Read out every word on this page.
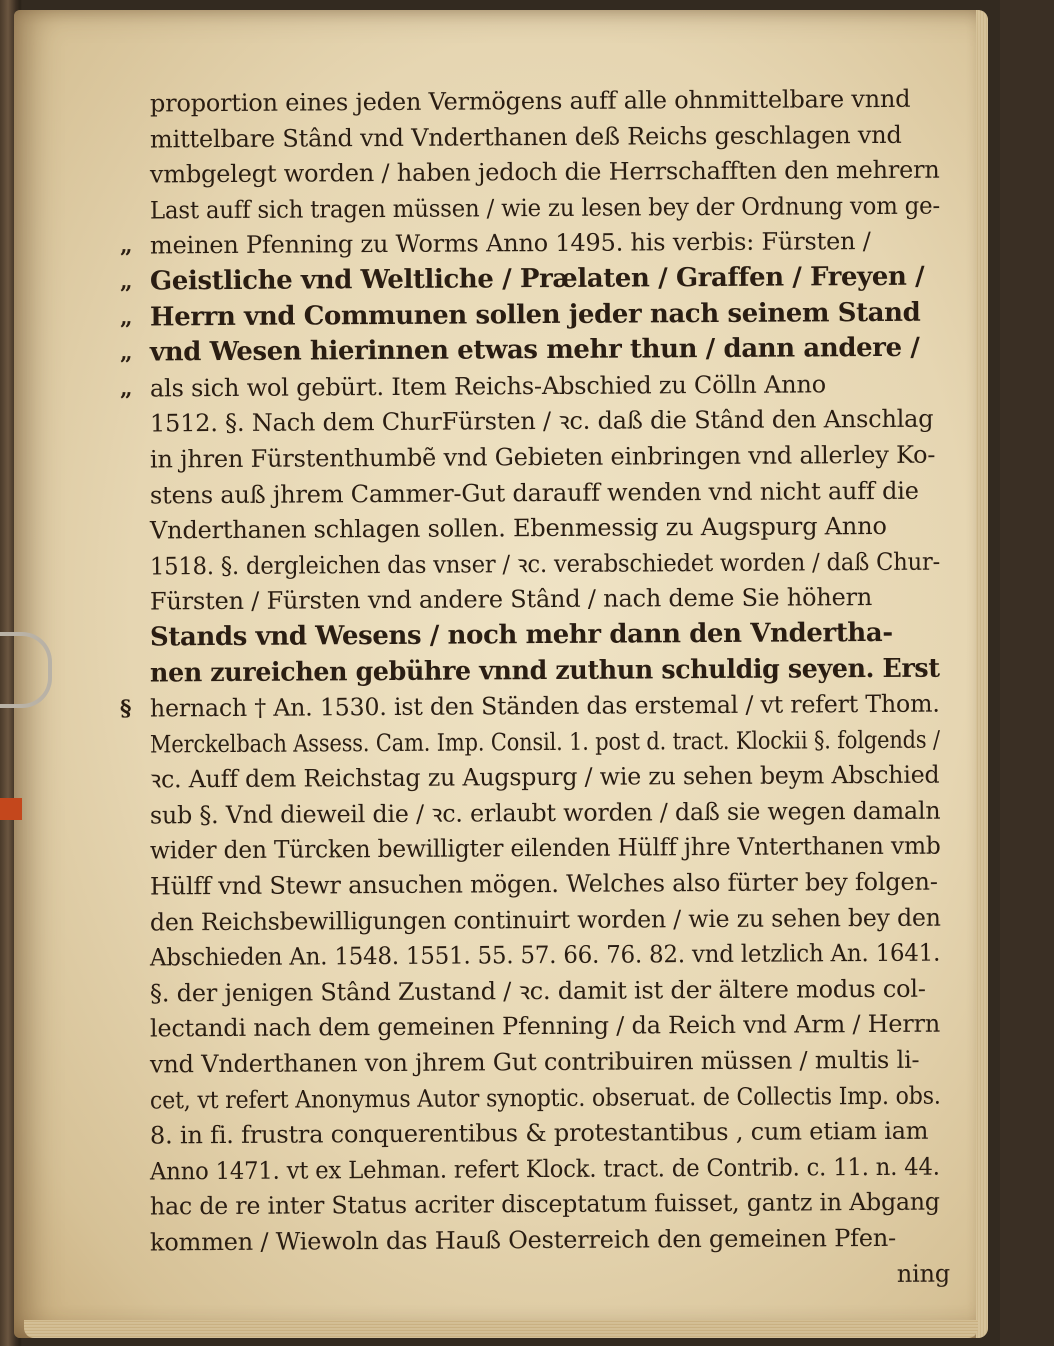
proportion eines jeden Vermögens auff alle ohnmittelbare vnnd
mittelbare Stând vnd Vnderthanen deß Reichs geschlagen vnd
vmbgelegt worden / haben jedoch die Herrschafften den mehrern
Last auff sich tragen müssen / wie zu lesen bey der Ordnung vom ge-
„ meinen Pfenning zu Worms Anno 1495. his verbis: Fürsten /
„ Geistliche vnd Weltliche / Prælaten / Graffen / Freyen /
„ Herrn vnd Communen sollen jeder nach seinem Stand
„ vnd Wesen hierinnen etwas mehr thun / dann andere /
„ als sich wol gebürt. Item Reichs-Abschied zu Cölln Anno
1512. §. Nach dem ChurFürsten / ꝛc. daß die Stând den Anschlag
in jhren Fürstenthumbẽ vnd Gebieten einbringen vnd allerley Ko-
stens auß jhrem Cammer-Gut darauff wenden vnd nicht auff die
Vnderthanen schlagen sollen. Ebenmessig zu Augspurg Anno
1518. §. dergleichen das vnser / ꝛc. verabschiedet worden / daß Chur-
Fürsten / Fürsten vnd andere Stând / nach deme Sie höhern
Stands vnd Wesens / noch mehr dann den Vndertha-
nen zureichen gebühre vnnd zuthun schuldig seyen. Erst
§ hernach † An. 1530. ist den Ständen das erstemal / vt refert Thom.
Merckelbach Assess. Cam. Imp. Consil. 1. post d. tract. Klockii §. folgends /
ꝛc. Auff dem Reichstag zu Augspurg / wie zu sehen beym Abschied
sub §. Vnd dieweil die / ꝛc. erlaubt worden / daß sie wegen damaln
wider den Türcken bewilligter eilenden Hülff jhre Vnterthanen vmb
Hülff vnd Stewr ansuchen mögen. Welches also fürter bey folgen-
den Reichsbewilligungen continuirt worden / wie zu sehen bey den
Abschieden An. 1548. 1551. 55. 57. 66. 76. 82. vnd letzlich An. 1641.
§. der jenigen Stând Zustand / ꝛc. damit ist der ältere modus col-
lectandi nach dem gemeinen Pfenning / da Reich vnd Arm / Herrn
vnd Vnderthanen von jhrem Gut contribuiren müssen / multis li-
cet, vt refert Anonymus Autor synoptic. obseruat. de Collectis Imp. obs.
8. in fi. frustra conquerentibus & protestantibus , cum etiam iam
Anno 1471. vt ex Lehman. refert Klock. tract. de Contrib. c. 11. n. 44.
hac de re inter Status acriter disceptatum fuisset, gantz in Abgang
kommen / Wiewoln das Hauß Oesterreich den gemeinen Pfen-
ning
